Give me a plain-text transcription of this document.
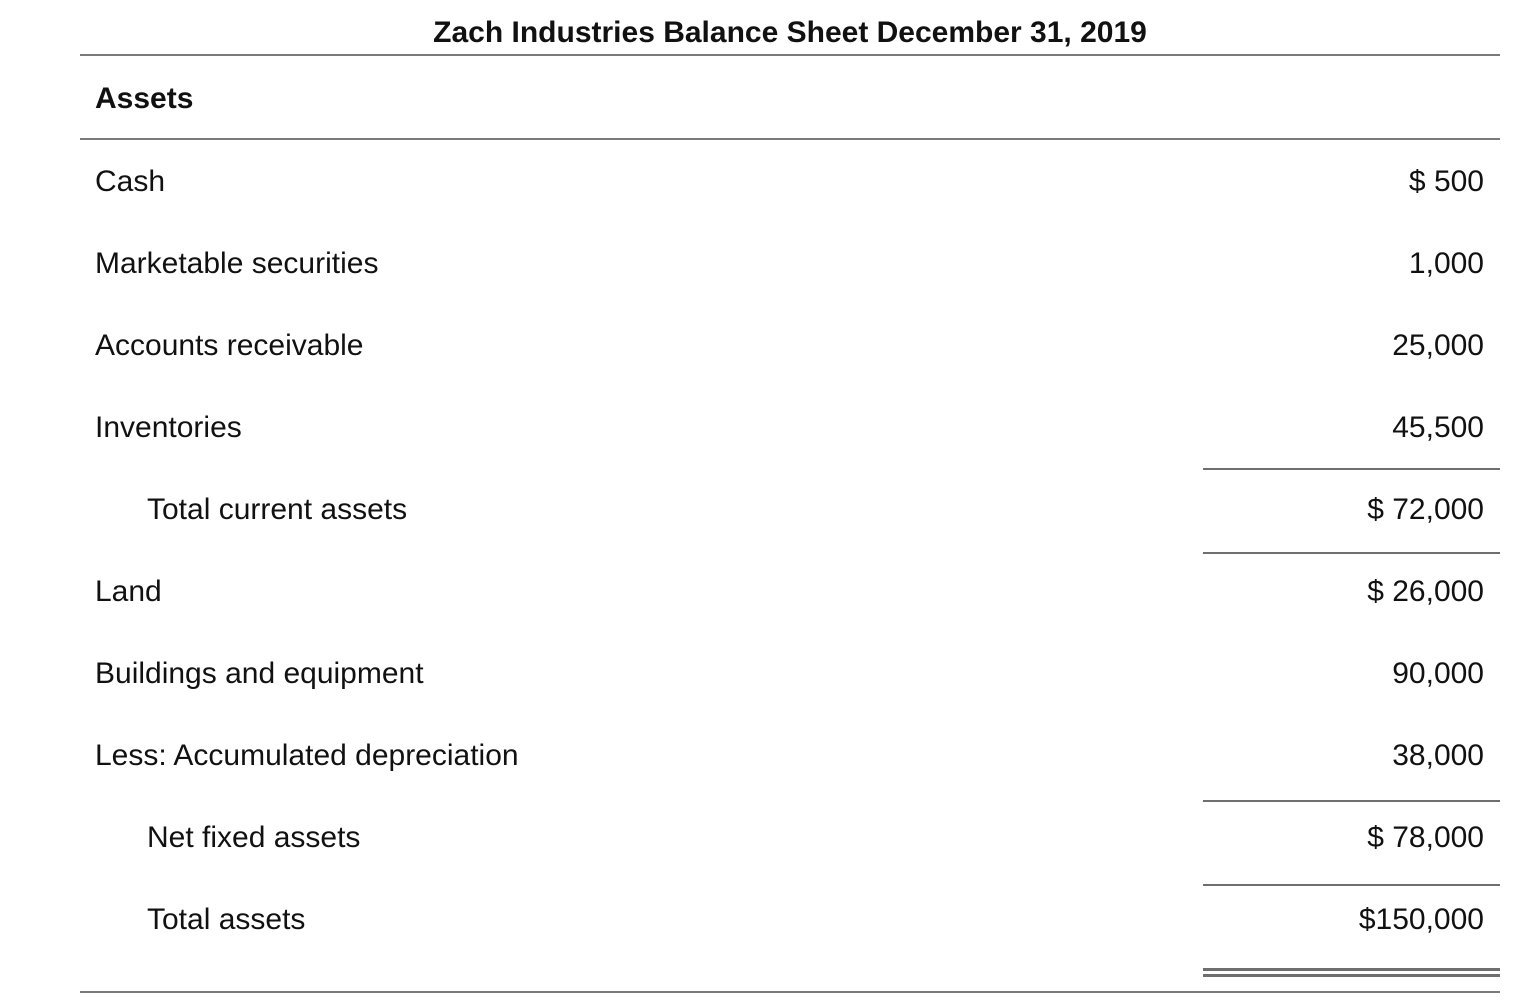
Zach Industries Balance Sheet December 31, 2019
Assets
Cash	$ 500
Marketable securities	1,000
Accounts receivable	25,000
Inventories	45,500
Total current assets	$ 72,000
Land	$ 26,000
Buildings and equipment	90,000
Less: Accumulated depreciation	38,000
Net fixed assets	$ 78,000
Total assets	$150,000
